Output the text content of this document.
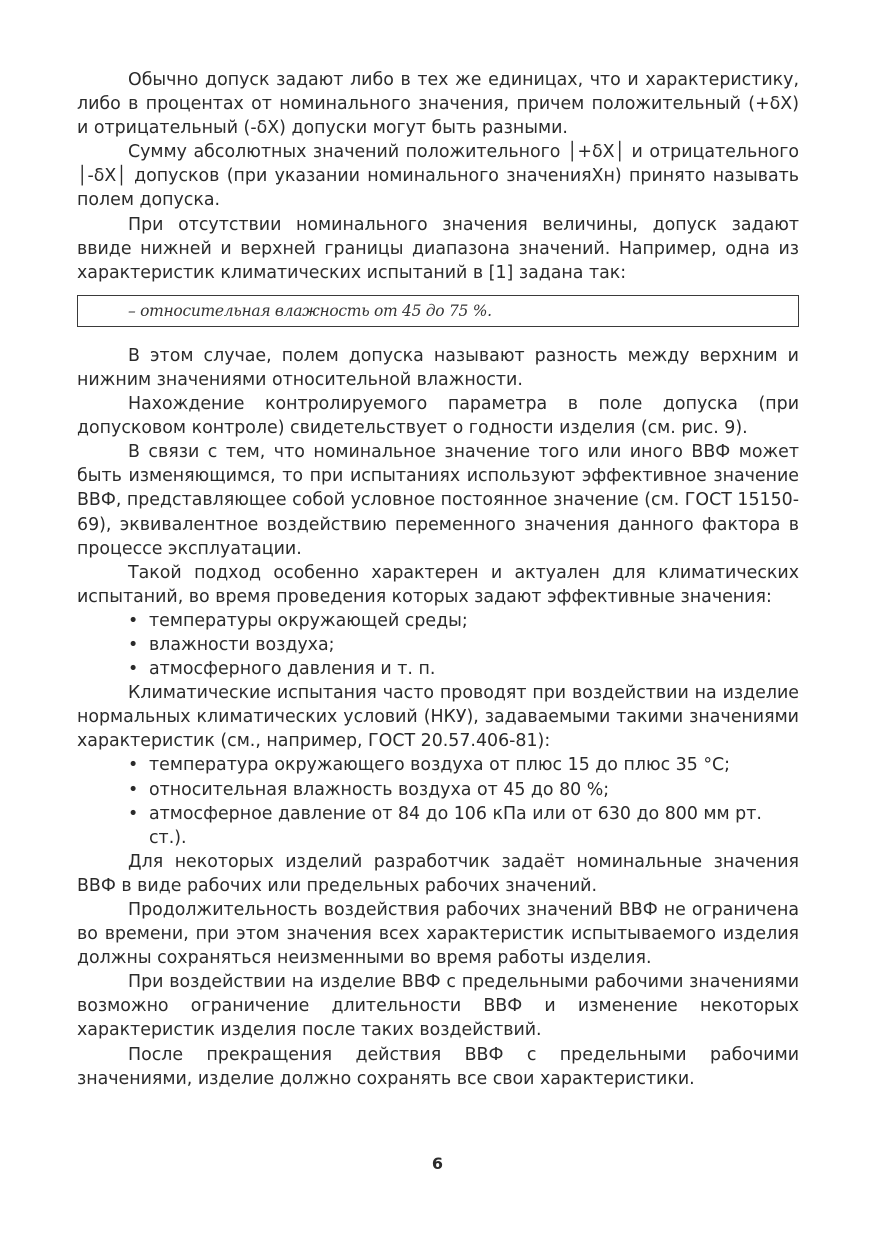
Обычно допуск задают либо в тех же единицах, что и характеристику, либо в процентах от номинального значения, причем положительный (+δX) и отрицательный (-δX) допуски могут быть разными.

Сумму абсолютных значений положительного │+δX│ и отрицательного │-δX│ допусков (при указании номинального значенияXн) принято называть полем допуска.

При отсутствии номинального значения величины, допуск задают ввиде нижней и верхней границы диапазона значений. Например, одна из характеристик климатических испытаний в [1] задана так:

– относительная влажность от 45 до 75 %.

В этом случае, полем допуска называют разность между верхним и нижним значениями относительной влажности.

Нахождение контролируемого параметра в поле допуска (при допусковом контроле) свидетельствует о годности изделия (см. рис. 9).

В связи с тем, что номинальное значение того или иного ВВФ может быть изменяющимся, то при испытаниях используют эффективное значение ВВФ, представляющее собой условное постоянное значение (см. ГОСТ 15150-69), эквивалентное воздействию переменного значения данного фактора в процессе эксплуатации.

Такой подход особенно характерен и актуален для климатических испытаний, во время проведения которых задают эффективные значения:

• температуры окружающей среды;
• влажности воздуха;
• атмосферного давления и т. п.

Климатические испытания часто проводят при воздействии на изделие нормальных климатических условий (НКУ), задаваемыми такими значениями характеристик (см., например, ГОСТ 20.57.406-81):

• температура окружающего воздуха от плюс 15 до плюс 35 °С;
• относительная влажность воздуха от 45 до 80 %;
• атмосферное давление от 84 до 106 кПа или от 630 до 800 мм рт. ст.).

Для некоторых изделий разработчик задаёт номинальные значения ВВФ в виде рабочих или предельных рабочих значений.

Продолжительность воздействия рабочих значений ВВФ не ограничена во времени, при этом значения всех характеристик испытываемого изделия должны сохраняться неизменными во время работы изделия.

При воздействии на изделие ВВФ с предельными рабочими значениями возможно ограничение длительности ВВФ и изменение некоторых характеристик изделия после таких воздействий.

После прекращения действия ВВФ с предельными рабочими значениями, изделие должно сохранять все свои характеристики.

6
